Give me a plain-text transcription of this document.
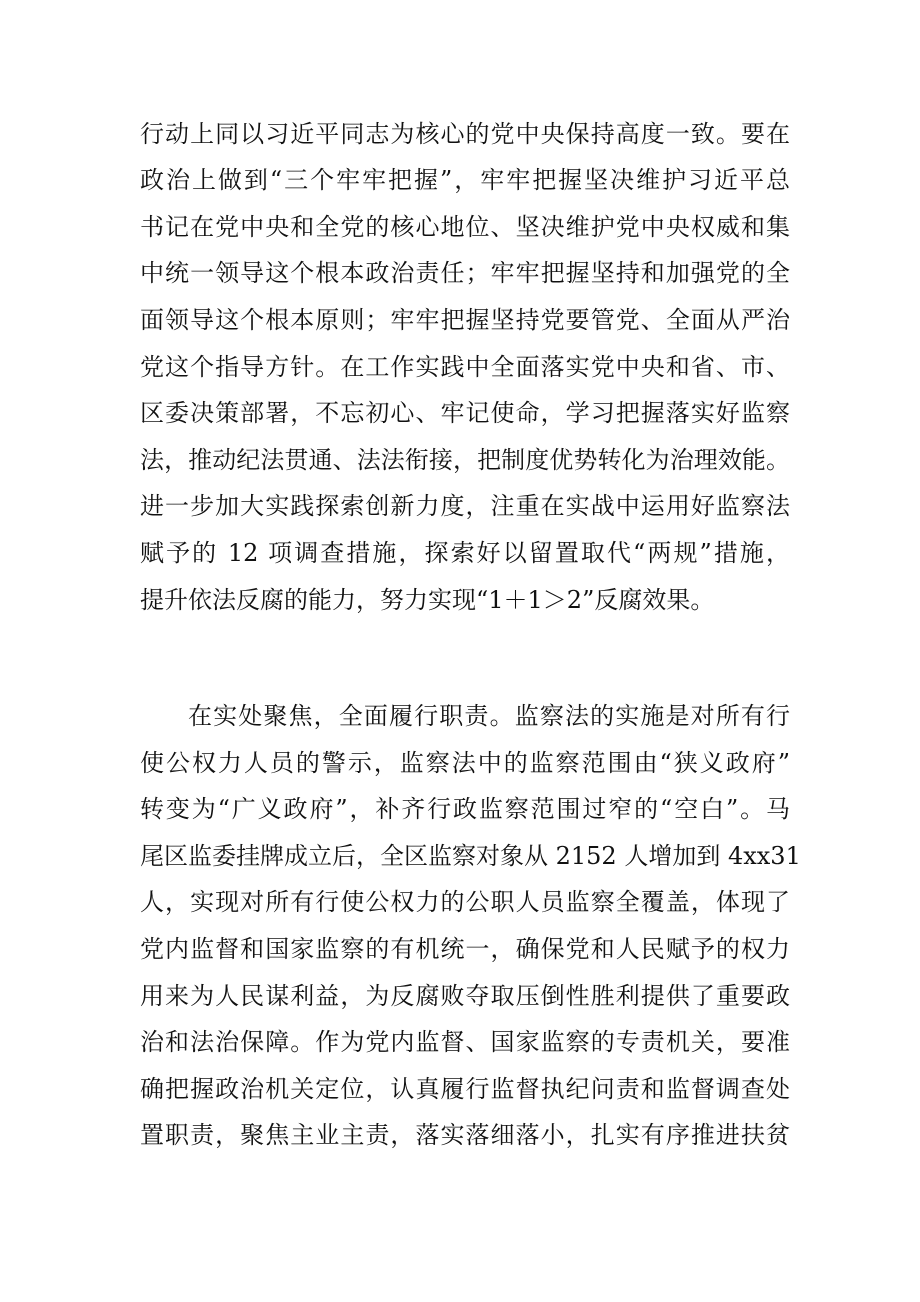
行动上同以习近平同志为核心的党中央保持高度一致。要在

政治上做到“三个牢牢把握”，牢牢把握坚决维护习近平总

书记在党中央和全党的核心地位、坚决维护党中央权威和集

中统一领导这个根本政治责任；牢牢把握坚持和加强党的全

面领导这个根本原则；牢牢把握坚持党要管党、全面从严治

党这个指导方针。在工作实践中全面落实党中央和省、市、

区委决策部署，不忘初心、牢记使命，学习把握落实好监察

法，推动纪法贯通、法法衔接，把制度优势转化为治理效能。

进一步加大实践探索创新力度，注重在实战中运用好监察法

赋予的 12 项调查措施，探索好以留置取代“两规”措施，

提升依法反腐的能力，努力实现“1＋1＞2”反腐效果。

在实处聚焦，全面履行职责。监察法的实施是对所有行

使公权力人员的警示，监察法中的监察范围由“狭义政府”

转变为“广义政府”，补齐行政监察范围过窄的“空白”。马

尾区监委挂牌成立后，全区监察对象从 2152 人增加到 4xx31

人，实现对所有行使公权力的公职人员监察全覆盖，体现了

党内监督和国家监察的有机统一，确保党和人民赋予的权力

用来为人民谋利益，为反腐败夺取压倒性胜利提供了重要政

治和法治保障。作为党内监督、国家监察的专责机关，要准

确把握政治机关定位，认真履行监督执纪问责和监督调查处

置职责，聚焦主业主责，落实落细落小，扎实有序推进扶贫
